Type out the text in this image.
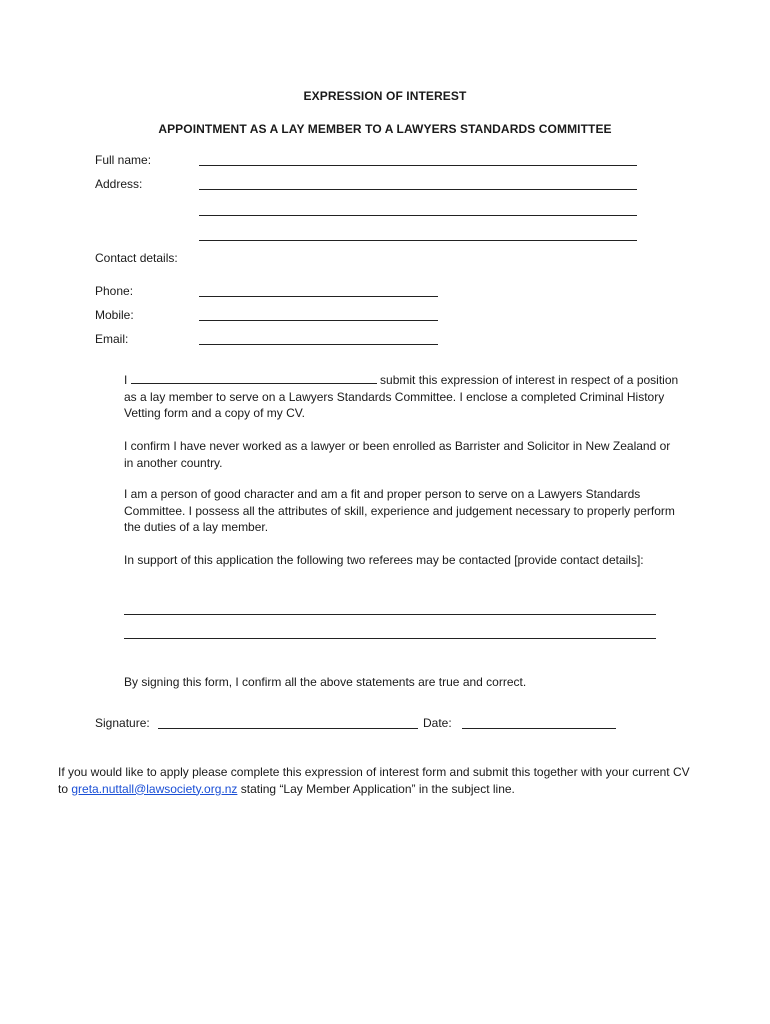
EXPRESSION OF INTEREST
APPOINTMENT AS A LAY MEMBER TO A LAWYERS STANDARDS COMMITTEE
Full name:
Address:
Contact details:
Phone:
Mobile:
Email:
I	submit this expression of interest in respect of a position as a lay member to serve on a Lawyers Standards Committee. I enclose a completed Criminal History Vetting form and a copy of my CV.
I confirm I have never worked as a lawyer or been enrolled as Barrister and Solicitor in New Zealand or in another country.
I am a person of good character and am a fit and proper person to serve on a Lawyers Standards Committee. I possess all the attributes of skill, experience and judgement necessary to properly perform the duties of a lay member.
In support of this application the following two referees may be contacted [provide contact details]:
By signing this form, I confirm all the above statements are true and correct.
Signature:	Date:
If you would like to apply please complete this expression of interest form and submit this together with your current CV to greta.nuttall@lawsociety.org.nz stating “Lay Member Application” in the subject line.
